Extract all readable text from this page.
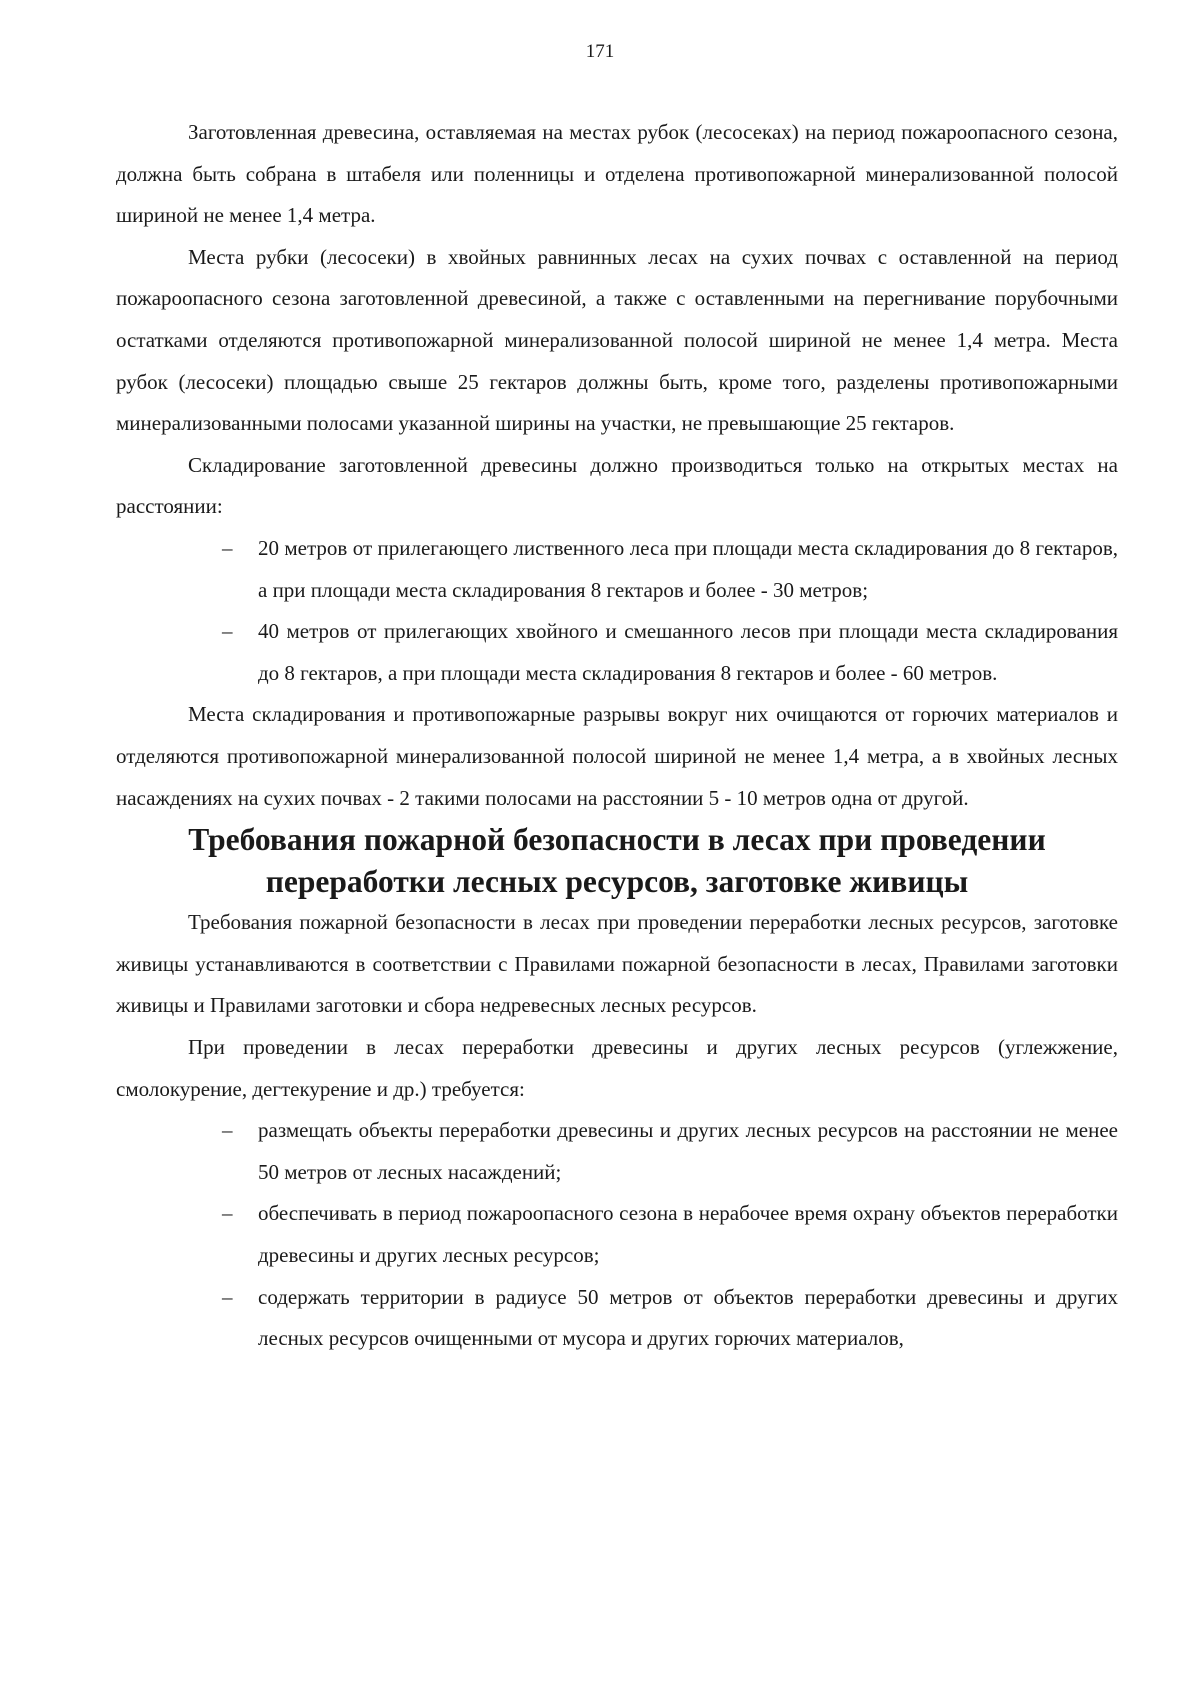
171

Заготовленная древесина, оставляемая на местах рубок (лесосеках) на период пожароопасного сезона, должна быть собрана в штабеля или поленницы и отделена противопожарной минерализованной полосой шириной не менее 1,4 метра.

Места рубки (лесосеки) в хвойных равнинных лесах на сухих почвах с оставленной на период пожароопасного сезона заготовленной древесиной, а также с оставленными на перегнивание порубочными остатками отделяются противопожарной минерализованной полосой шириной не менее 1,4 метра. Места рубок (лесосеки) площадью свыше 25 гектаров должны быть, кроме того, разделены противопожарными минерализованными полосами указанной ширины на участки, не превышающие 25 гектаров.

Складирование заготовленной древесины должно производиться только на открытых местах на расстоянии:

– 20 метров от прилегающего лиственного леса при площади места складирования до 8 гектаров, а при площади места складирования 8 гектаров и более - 30 метров;
– 40 метров от прилегающих хвойного и смешанного лесов при площади места складирования до 8 гектаров, а при площади места складирования 8 гектаров и более - 60 метров.

Места складирования и противопожарные разрывы вокруг них очищаются от горючих материалов и отделяются противопожарной минерализованной полосой шириной не менее 1,4 метра, а в хвойных лесных насаждениях на сухих почвах - 2 такими полосами на расстоянии 5 - 10 метров одна от другой.

Требования пожарной безопасности в лесах при проведении переработки лесных ресурсов, заготовке живицы

Требования пожарной безопасности в лесах при проведении переработки лесных ресурсов, заготовке живицы устанавливаются в соответствии с Правилами пожарной безопасности в лесах, Правилами заготовки живицы и Правилами заготовки и сбора недревесных лесных ресурсов.

При проведении в лесах переработки древесины и других лесных ресурсов (углежжение, смолокурение, дегтекурение и др.) требуется:

– размещать объекты переработки древесины и других лесных ресурсов на расстоянии не менее 50 метров от лесных насаждений;
– обеспечивать в период пожароопасного сезона в нерабочее время охрану объектов переработки древесины и других лесных ресурсов;
– содержать территории в радиусе 50 метров от объектов переработки древесины и других лесных ресурсов очищенными от мусора и других горючих материалов,
